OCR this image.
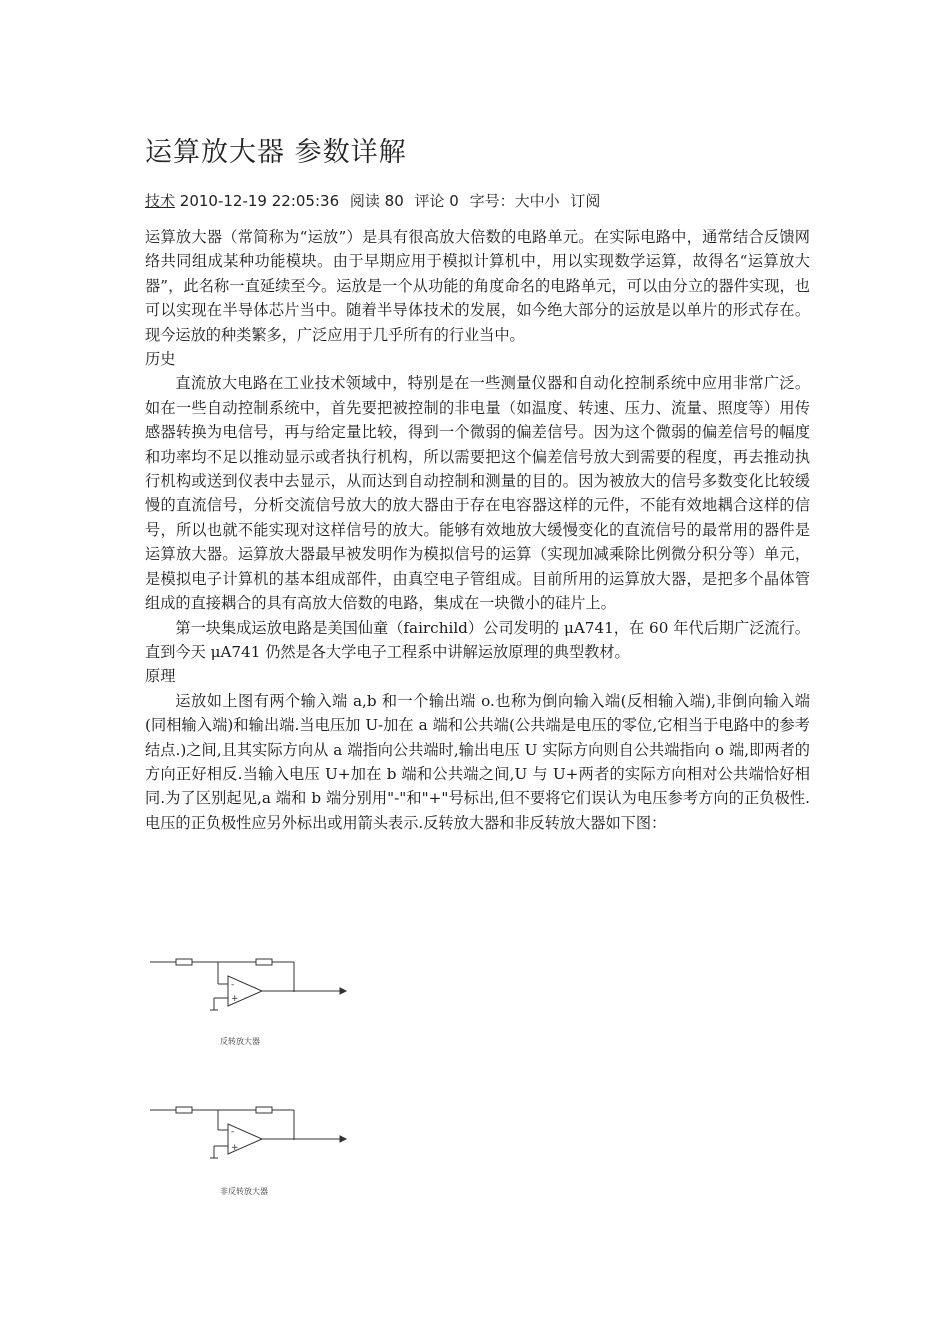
运算放大器 参数详解
技术 2010-12-19 22:05:36 阅读 80 评论 0 字号：大中小 订阅

运算放大器（常简称为“运放”）是具有很高放大倍数的电路单元。在实际电路中，通常结合反馈网络共同组成某种功能模块。由于早期应用于模拟计算机中，用以实现数学运算，故得名“运算放大器”，此名称一直延续至今。运放是一个从功能的角度命名的电路单元，可以由分立的器件实现，也可以实现在半导体芯片当中。随着半导体技术的发展，如今绝大部分的运放是以单片的形式存在。现今运放的种类繁多，广泛应用于几乎所有的行业当中。

历史

直流放大电路在工业技术领域中，特别是在一些测量仪器和自动化控制系统中应用非常广泛。如在一些自动控制系统中，首先要把被控制的非电量（如温度、转速、压力、流量、照度等）用传感器转换为电信号，再与给定量比较，得到一个微弱的偏差信号。因为这个微弱的偏差信号的幅度和功率均不足以推动显示或者执行机构，所以需要把这个偏差信号放大到需要的程度，再去推动执行机构或送到仪表中去显示，从而达到自动控制和测量的目的。因为被放大的信号多数变化比较缓慢的直流信号，分析交流信号放大的放大器由于存在电容器这样的元件，不能有效地耦合这样的信号，所以也就不能实现对这样信号的放大。能够有效地放大缓慢变化的直流信号的最常用的器件是运算放大器。运算放大器最早被发明作为模拟信号的运算（实现加减乘除比例微分积分等）单元，是模拟电子计算机的基本组成部件，由真空电子管组成。目前所用的运算放大器，是把多个晶体管组成的直接耦合的具有高放大倍数的电路，集成在一块微小的硅片上。

第一块集成运放电路是美国仙童（fairchild）公司发明的 μA741，在 60 年代后期广泛流行。直到今天 μA741 仍然是各大学电子工程系中讲解运放原理的典型教材。

原理

运放如上图有两个输入端 a,b 和一个输出端 o.也称为倒向输入端(反相输入端),非倒向输入端(同相输入端)和输出端.当电压加 U-加在 a 端和公共端(公共端是电压的零位,它相当于电路中的参考结点.)之间,且其实际方向从 a 端指向公共端时,输出电压 U 实际方向则自公共端指向 o 端,即两者的方向正好相反.当输入电压 U+加在 b 端和公共端之间,U 与 U+两者的实际方向相对公共端恰好相同.为了区别起见,a 端和 b 端分别用"-"和"+"号标出,但不要将它们误认为电压参考方向的正负极性.电压的正负极性应另外标出或用箭头表示.反转放大器和非反转放大器如下图：

-
+
反转放大器
-
+
非反转放大器
